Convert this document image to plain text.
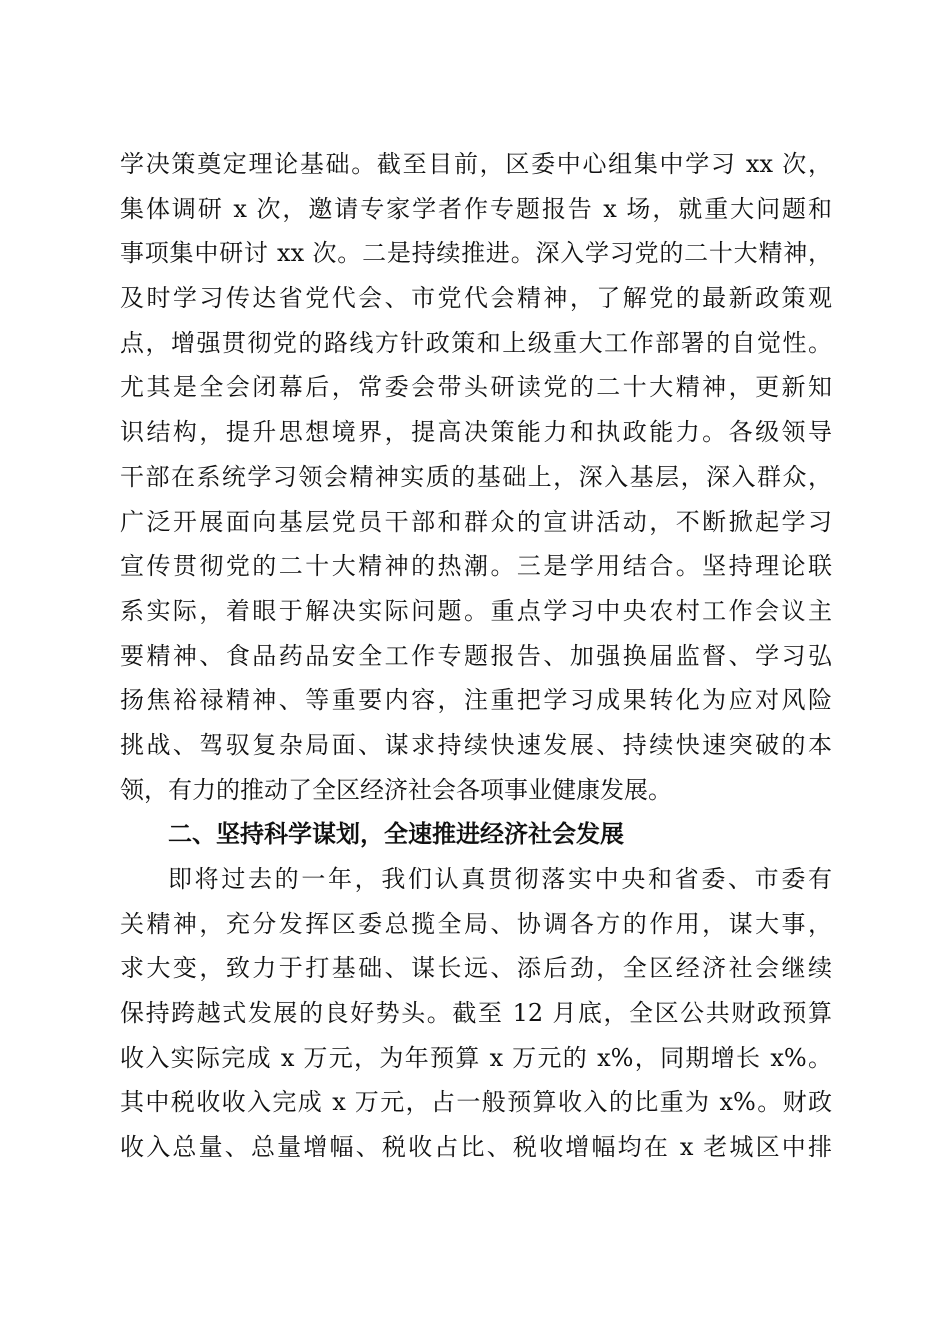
学决策奠定理论基础。截至目前，区委中心组集中学习 xx 次，
集体调研 x 次，邀请专家学者作专题报告 x 场，就重大问题和
事项集中研讨 xx 次。二是持续推进。深入学习党的二十大精神，
及时学习传达省党代会、市党代会精神，了解党的最新政策观
点，增强贯彻党的路线方针政策和上级重大工作部署的自觉性。
尤其是全会闭幕后，常委会带头研读党的二十大精神，更新知
识结构，提升思想境界，提高决策能力和执政能力。各级领导
干部在系统学习领会精神实质的基础上，深入基层，深入群众，
广泛开展面向基层党员干部和群众的宣讲活动，不断掀起学习
宣传贯彻党的二十大精神的热潮。三是学用结合。坚持理论联
系实际，着眼于解决实际问题。重点学习中央农村工作会议主
要精神、食品药品安全工作专题报告、加强换届监督、学习弘
扬焦裕禄精神、等重要内容，注重把学习成果转化为应对风险
挑战、驾驭复杂局面、谋求持续快速发展、持续快速突破的本
领，有力的推动了全区经济社会各项事业健康发展。
二、坚持科学谋划，全速推进经济社会发展
即将过去的一年，我们认真贯彻落实中央和省委、市委有
关精神，充分发挥区委总揽全局、协调各方的作用，谋大事，
求大变，致力于打基础、谋长远、添后劲，全区经济社会继续
保持跨越式发展的良好势头。截至 12 月底，全区公共财政预算
收入实际完成 x 万元，为年预算 x 万元的 x%，同期增长 x%。
其中税收收入完成 x 万元，占一般预算收入的比重为 x%。财政
收入总量、总量增幅、税收占比、税收增幅均在 x 老城区中排
